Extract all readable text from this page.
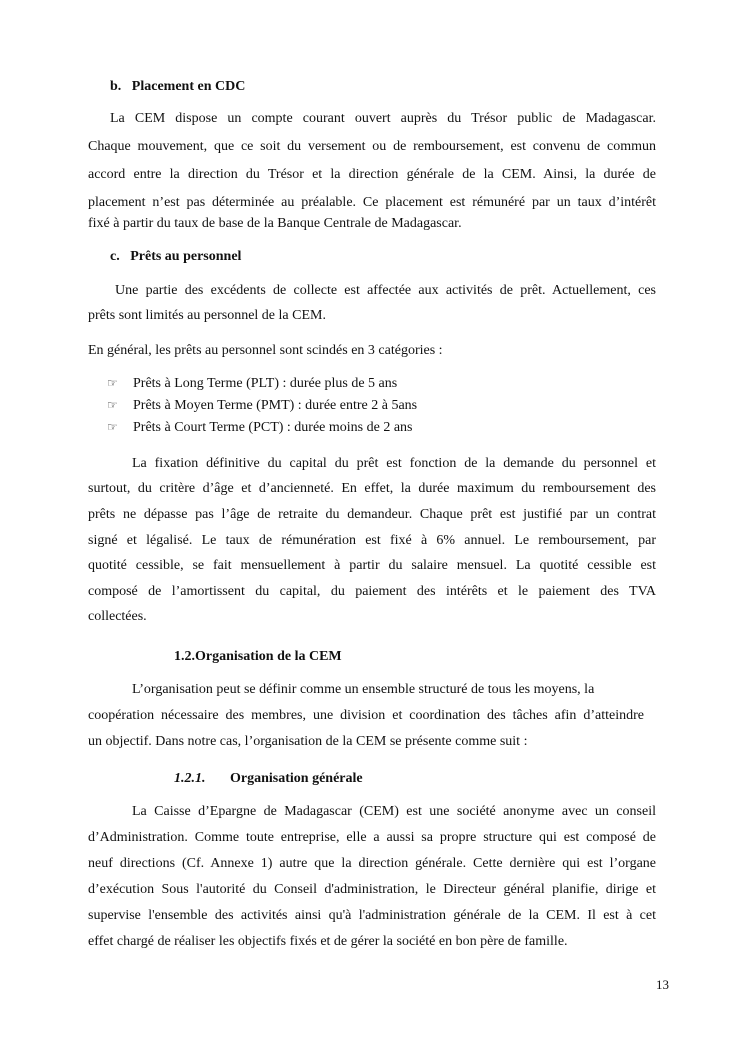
b.   Placement en CDC
La CEM dispose un compte courant ouvert auprès du Trésor public de Madagascar.
Chaque mouvement, que ce soit du versement ou de remboursement, est convenu de commun
accord entre la direction du Trésor et la direction générale de la CEM. Ainsi, la durée de
placement n’est pas déterminée au préalable. Ce placement est rémunéré par un taux d’intérêt
fixé à partir du taux de base de la Banque Centrale de Madagascar.
c.   Prêts au personnel
Une partie des excédents de collecte est affectée aux activités de prêt. Actuellement, ces
prêts sont limités au personnel de la CEM.
En général, les prêts au personnel sont scindés en 3 catégories :
☞ Prêts à Long Terme (PLT) : durée plus de 5 ans
☞ Prêts à Moyen Terme (PMT) : durée entre 2 à 5ans
☞ Prêts à Court Terme (PCT) : durée moins de 2 ans
La fixation définitive du capital du prêt est fonction de la demande du personnel et
surtout, du critère d’âge et d’ancienneté. En effet, la durée maximum du remboursement des
prêts ne dépasse pas l’âge de retraite du demandeur. Chaque prêt est justifié par un contrat
signé et légalisé. Le taux de rémunération est fixé à 6% annuel. Le remboursement, par
quotité cessible, se fait mensuellement à partir du salaire mensuel. La quotité cessible est
composé de l’amortissent du capital, du paiement des intérêts et le paiement des TVA
collectées.
1.2.Organisation de la CEM
L’organisation peut se définir comme un ensemble structuré de tous les moyens, la
coopération nécessaire des membres, une division et coordination des tâches afin d’atteindre
un objectif. Dans notre cas, l’organisation de la CEM se présente comme suit :
1.2.1. Organisation générale
La Caisse d’Epargne de Madagascar (CEM) est une société anonyme avec un conseil
d’Administration. Comme toute entreprise, elle a aussi sa propre structure qui est composé de
neuf directions (Cf. Annexe 1) autre que la direction générale. Cette dernière qui est l’organe
d’exécution Sous l'autorité du Conseil d'administration, le Directeur général planifie, dirige et
supervise l'ensemble des activités ainsi qu'à l'administration générale de la CEM. Il est à cet
effet chargé de réaliser les objectifs fixés et de gérer la société en bon père de famille.
13
